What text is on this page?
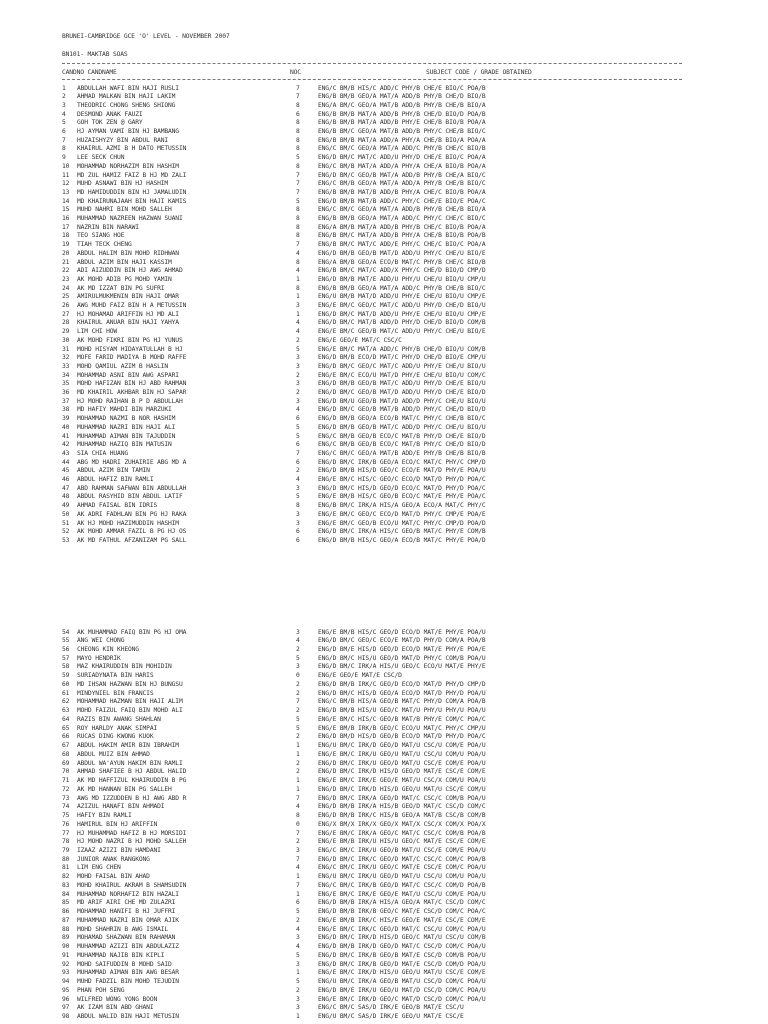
BRUNEI-CAMBRIDGE GCE 'O' LEVEL - NOVEMBER 2007
BN101- MAKTAB SOAS
CANDNO CANDNAME	NOC	SUBJECT CODE / GRADE OBTAINED
1	ABDULLAH WAFI BIN HAJI RUSLI	7	ENG/C BM/B HIS/C ADD/C PHY/B CHE/E BIO/C POA/B
2	AHMAD MALKAN BIN HAJI LAKIM	7	ENG/B BM/B GEO/A MAT/A ADD/B PHY/B CHE/D BIO/B
3	THEODRIC CHONG SHENG SHIONG	8	ENG/A BM/C GEO/A MAT/B ADD/B PHY/B CHE/B BIO/A
4	DESMOND ANAK FAUZI	6	ENG/B BM/B MAT/A ADD/B PHY/B CHE/D BIO/D POA/B
5	GOH TOK ZEN @ GARY	8	ENG/B BM/B MAT/A ADD/B PHY/E CHE/B BIO/B POA/A
6	HJ AYMAN VAMI BIN HJ BAMBANG	8	ENG/B BM/C GEO/A MAT/B ADD/B PHY/C CHE/B BIO/C
7	HUZAISHYZY BIN ABDUL RANI	8	ENG/B BM/B MAT/A ADD/A PHY/A CHE/B BIO/A POA/A
8	KHAIRUL AZMI B H DATO METUSSIN	8	ENG/C BM/C GEO/A MAT/A ADD/C PHY/B CHE/C BIO/B
9	LEE SECK CHUN	5	ENG/D BM/C MAT/C ADD/U PHY/D CHE/E BIO/C POA/A
10	MOHAMMAD NORHAZIM BIN HASHIM	8	ENG/C BM/B MAT/A ADD/A PHY/A CHE/A BIO/B POA/A
11	MD ZUL HAMIZ FAIZ B HJ MD ZALI	7	ENG/D BM/C GEO/B MAT/A ADD/B PHY/B CHE/A BIO/C
12	MUHD ASNAWI BIN HJ HASHIM	7	ENG/C BM/B GEO/A MAT/A ADD/A PHY/B CHE/B BIO/C
13	MD HAMIDUDDIN BIN HJ JAMALUDIN	7	ENG/B BM/B MAT/B ADD/B PHY/A CHE/C BIO/B POA/A
14	MD KHAIRUNAJAAH BIN HAJI KAMIS	5	ENG/D BM/B MAT/B ADD/C PHY/C CHE/E BIO/E POA/C
15	MUHD NAHRI BIN MOHD SALLEH	8	ENG/C BM/C GEO/A MAT/A ADD/B PHY/B CHE/B BIO/A
16	MUHAMMAD NAZREEN HAZWAN SUANI	8	ENG/B BM/B GEO/A MAT/A ADD/C PHY/C CHE/C BIO/C
17	NAZRIN BIN NARAWI	8	ENG/A BM/B MAT/A ADD/B PHY/B CHE/C BIO/B POA/A
18	TEO SIANG HOE	8	ENG/B BM/C MAT/A ADD/B PHY/A CHE/B BIO/B POA/B
19	TIAH TECK CHENG	7	ENG/B BM/C MAT/C ADD/E PHY/C CHE/C BIO/C POA/A
20	ABDUL HALIM BIN MOHD RIDHWAN	4	ENG/D BM/B GEO/B MAT/D ADD/U PHY/C CHE/U BIO/E
21	ABDUL AZIM BIN HAJI KASSIM	8	ENG/A BM/B GEO/A ECO/B MAT/C PHY/B CHE/C BIO/B
22	ADI AIZUDDIN BIN HJ AWG AHMAD	4	ENG/B BM/C MAT/C ADD/X PHY/C CHE/D BIO/D CMP/D
23	AK MOHD ADIB PG MOHD YAMIN	1	ENG/D BM/B MAT/E ADD/U PHY/U CHE/U BIO/U CMP/U
24	AK MD IZZAT BIN PG SUFRI	8	ENG/B BM/B GEO/A MAT/A ADD/C PHY/B CHE/B BIO/C
25	AMIRULMUKMENIN BIN HAJI OMAR	1	ENG/U BM/B MAT/D ADD/U PHY/E CHE/U BIO/U CMP/E
26	AWG MUHD FAIZ BIN H A METUSSIN	3	ENG/E BM/C GEO/C MAT/C ADD/U PHY/D CHE/D BIO/U
27	HJ MOHAMAD ARIFFIN HJ MD ALI	1	ENG/D BM/C MAT/D ADD/U PHY/E CHE/U BIO/U CMP/E
28	KHAIRUL ANUAR BIN HAJI YAHYA	4	ENG/D BM/C MAT/B ADD/D PHY/D CHE/D BIO/D COM/B
29	LIM CHI HOW	4	ENG/E BM/C GEO/B MAT/C ADD/U PHY/C CHE/U BIO/E
30	AK MOHD FIKRI BIN PG HJ YUNUS	2	ENG/E GEO/E MAT/C CSC/C
31	MOHD HISYAM HIDAYATULLAH B HJ	5	ENG/E BM/C MAT/A ADD/C PHY/B CHE/D BIO/U COM/B
32	MOFE FARID MADIYA B MOHD RAFFE	3	ENG/D BM/B ECO/D MAT/C PHY/D CHE/D BIO/E CMP/U
33	MOHD QAMIUL AZIM B HASLIN	3	ENG/D BM/C GEO/C MAT/C ADD/U PHY/E CHE/U BIO/U
34	MOHAMMAD ASNI BIN AWG ASPARI	2	ENG/E BM/C ECO/U MAT/D PHY/E CHE/U BIO/U COM/C
35	MOHD HAFIZAN BIN HJ ABD RAHMAN	3	ENG/D BM/B GEO/B MAT/C ADD/U PHY/D CHE/E BIO/U
36	MD KHAIRIL AKHBAR BIN HJ SAPAR	2	ENG/D BM/C GEO/B MAT/D ADD/U PHY/D CHE/E BIO/D
37	HJ MOHD RAIHAN B P D ABDULLAH	3	ENG/D BM/U GEO/B MAT/D ADD/D PHY/C CHE/U BIO/U
38	MD HAFIY MAHDI BIN MARZUKI	4	ENG/D BM/C GEO/B MAT/B ADD/D PHY/C CHE/D BIO/D
39	MOHAMMAD NAZMI B NOR HASHIM	6	ENG/D BM/B GEO/A ECO/B MAT/C PHY/C CHE/B BIO/C
40	MUHAMMAD NAZRI BIN HAJI ALI	5	ENG/D BM/B GEO/B MAT/C ADD/D PHY/C CHE/U BIO/U
41	MUHAMMAD AIMAN BIN TAJUDDIN	5	ENG/C BM/B GEO/B ECO/C MAT/B PHY/D CHE/E BIO/D
42	MUHAMMAD HAZIQ BIN MATUSIN	6	ENG/C BM/B GEO/B ECO/C MAT/B PHY/C CHE/D BIO/D
43	SIA CHIA HUANG	7	ENG/C BM/C GEO/A MAT/B ADD/E PHY/B CHE/B BIO/B
44	ABG MD HADRI ZUHAIRIE ABG MD A	6	ENG/D BM/C IRK/B GEO/A ECO/C MAT/C PHY/C CMP/D
45	ABDUL AZIM BIN TAMIN	2	ENG/D BM/B HIS/D GEO/C ECO/E MAT/D PHY/E POA/U
46	ABDUL HAFIZ BIN RAMLI	4	ENG/E BM/C HIS/C GEO/C ECO/D MAT/D PHY/D POA/C
47	ABD RAHMAN SAFWAN BIN ABDULLAH	3	ENG/D BM/C HIS/D GEO/D ECO/C MAT/D PHY/D POA/C
48	ABDUL RASYHID BIN ABDUL LATIF	5	ENG/E BM/B HIS/C GEO/B ECO/C MAT/E PHY/E POA/C
49	AHMAD FAISAL BIN IDRIS	8	ENG/B BM/C IRK/A HIS/A GEO/A ECO/A MAT/C PHY/C
50	AK ADRI FADHLAN BIN PG HJ RAKA	3	ENG/E BM/C GEO/C ECO/D MAT/D PHY/C CMP/E POA/E
51	AK HJ MOHD HAZIMUDDIN HASHIM	3	ENG/E BM/C GEO/B ECO/U MAT/C PHY/C CMP/D POA/D
52	AK MOHD AMMAR FAZIL B PG HJ OS	6	ENG/D BM/C IRK/A HIS/C GEO/B MAT/C PHY/E COM/B
53	AK MD FATHUL AFZANIZAM PG SALL	6	ENG/D BM/B HIS/C GEO/A ECO/B MAT/C PHY/E POA/D
54	AK MUHAMMAD FAIQ BIN PG HJ OMA	3	ENG/E BM/B HIS/C GEO/D ECO/D MAT/E PHY/E POA/U
55	ANG WEI CHONG	4	ENG/D BM/C GEO/C ECO/E MAT/D PHY/D COM/A POA/B
56	CHEONG KIN KHEONG	2	ENG/D BM/E HIS/D GEO/D ECO/D MAT/E PHY/E POA/E
57	MAYO HENDRIK	5	ENG/D BM/C HIS/U GEO/D MAT/D PHY/C COM/B POA/U
58	MAZ KHAIRUDDIN BIN MOHIDIN	3	ENG/D BM/C IRK/A HIS/U GEO/C ECO/U MAT/E PHY/E
59	SURIADYNATA BIN HARIS	0	ENG/E GEO/E MAT/E CSC/D
60	MD IHSAN HAZWAN BIN HJ BUNGSU	2	ENG/D BM/B IRK/C GEO/D ECO/D MAT/D PHY/D CMP/D
61	MINDYNIEL BIN FRANCIS	2	ENG/D BM/C HIS/D GEO/A ECO/D MAT/D PHY/D POA/U
62	MOHAMMAD HAZMAN BIN HAJI ALIM	7	ENG/C BM/B HIS/A GEO/B MAT/C PHY/D COM/A POA/B
63	MOHD FAIZUL FAIQ BIN MOHD ALI	2	ENG/D BM/B HIS/U GEO/C MAT/U PHY/U PHY/U POA/U
64	RAZIS BIN AWANG SHAHLAN	5	ENG/E BM/C HIS/C GEO/B MAT/B PHY/E COM/C POA/C
65	ROY HARLDY ANAK SIMPAI	5	ENG/E BM/B IRK/B GEO/C ECO/U MAT/C PHY/C CMP/U
66	RUCAS DING KWONG KUOK	2	ENG/D BM/D HIS/D GEO/B ECO/D MAT/D PHY/D POA/C
67	ABDUL HAKIM AMIR BIN IBRAHIM	1	ENG/U BM/C IRK/D GEO/D MAT/U CSC/U COM/E POA/U
68	ABDUL MUIZ BIN AHMAD	1	ENG/E BM/C IRK/U GEO/U MAT/U CSC/U COM/U POA/U
69	ABDUL WA'AYUN HAKIM BIN RAMLI	2	ENG/D BM/C IRK/U GEO/D MAT/U CSC/E COM/E POA/U
70	AHMAD SHAFIEE B HJ ABDUL HALID	2	ENG/D BM/C IRK/D HIS/D GEO/D MAT/E CSC/E COM/E
71	AK MD HAFFIZUL KHAIRUDDIN B PG	1	ENG/E BM/C IRK/E GEO/E MAT/U CSC/X COM/U POA/U
72	AK MD HANNAN BIN PG SALLEH	1	ENG/D BM/C IRK/D HIS/D GEO/U MAT/U CSC/E COM/U
73	AWG MD IZZUDDEN B HJ AWG ABD R	7	ENG/D BM/C IRK/A GEO/D MAT/C CSC/C COM/B POA/U
74	AZIZUL HANAFI BIN AHMADI	4	ENG/D BM/B IRK/A HIS/B GEO/D MAT/C CSC/D COM/C
75	HAFIY BIN RAMLI	8	ENG/D BM/B IRK/C HIS/B GEO/A MAT/B CSC/B COM/B
76	HAMIRUL BIN HJ ARIFFIN	0	ENG/X BM/X IRK/X GEO/X MAT/X CSC/X COM/X POA/X
77	HJ MUHAMMAD HAFIZ B HJ MORSIDI	7	ENG/E BM/C IRK/A GEO/C MAT/C CSC/C COM/B POA/B
78	HJ MOHD NAZRI B HJ MOHD SALLEH	2	ENG/E BM/B IRK/U HIS/U GEO/C MAT/E CSC/E COM/E
79	IZAAZ AZIZI BIN HAMDANI	3	ENG/C BM/C IRK/U GEO/B MAT/U CSC/E COM/E POA/U
80	JUNIOR ANAK RANGKONG	7	ENG/D BM/C IRK/C GEO/D MAT/C CSC/C COM/C POA/B
81	LIM ENG CHEN	4	ENG/C BM/C IRK/U GEO/C MAT/E CSC/E COM/C POA/U
82	MOHD FAISAL BIN AHAD	1	ENG/U BM/C IRK/U GEO/D MAT/U CSC/U COM/U POA/U
83	MOHD KHAIRUL AKRAM B SHAMSUDIN	7	ENG/C BM/C IRK/B GEO/D MAT/C CSC/C COM/D POA/B
84	MUHAMMAD NORHAFIZ BIN HAZALI	1	ENG/E BM/C IRK/E GEO/E MAT/U CSC/U COM/E POA/U
85	MD ARIF AIRI CHE MD ZULAZRI	6	ENG/D BM/B IRK/A HIS/A GEO/A MAT/C CSC/D COM/C
86	MOHAMMAD HANIFI B HJ JUFFRI	5	ENG/D BM/B IRK/B GEO/C MAT/E CSC/D COM/C POA/C
87	MUHAMMAD NAZRI BIN OMAR AJIK	2	ENG/E BM/B IRK/C HIS/E GEO/E MAT/E CSC/E COM/E
88	MOHD SHAHRIN B AWG ISMAIL	4	ENG/E BM/C IRK/C GEO/D MAT/C CSC/U COM/C POA/U
89	MOHAMAD SHAZWAN BIN RAHAMAN	3	ENG/D BM/C IRK/D HIS/D GEO/C MAT/U CSC/U COM/B
90	MUHAMMAD AZIZI BIN ABDULAZIZ	4	ENG/D BM/B IRK/D GEO/D MAT/C CSC/D COM/C POA/U
91	MUHAMMAD NAJIB BIN KIPLI	5	ENG/D BM/C IRK/B GEO/B MAT/E CSC/D COM/B POA/U
92	MOHD SAIFUDDIN B MOHD SAID	3	ENG/D BM/C IRK/B GEO/D MAT/E CSC/D COM/D POA/U
93	MUHAMMAD AIMAN BIN AWG BESAR	1	ENG/E BM/C IRK/D HIS/U GEO/U MAT/U CSC/E COM/E
94	MUHD FADZIL BIN MOHD TEJUDIN	5	ENG/U BM/C IRK/A GEO/B MAT/U CSC/D COM/C POA/U
95	PHAN POH SENG	2	ENG/D BM/E IRK/U GEO/U MAT/D CSC/D COM/C POA/U
96	WILFRED WONG YONG BOON	3	ENG/E BM/C IRK/D GEO/C MAT/D CSC/D COM/C POA/U
97	AK IZAM BIN ABD GHANI	3	ENG/C BM/C SAS/D IRK/E GEO/B MAT/E CSC/U
98	ABDUL WALID BIN HAJI METUSIN	1	ENG/U BM/C SAS/D IRK/E GEO/U MAT/E CSC/E
